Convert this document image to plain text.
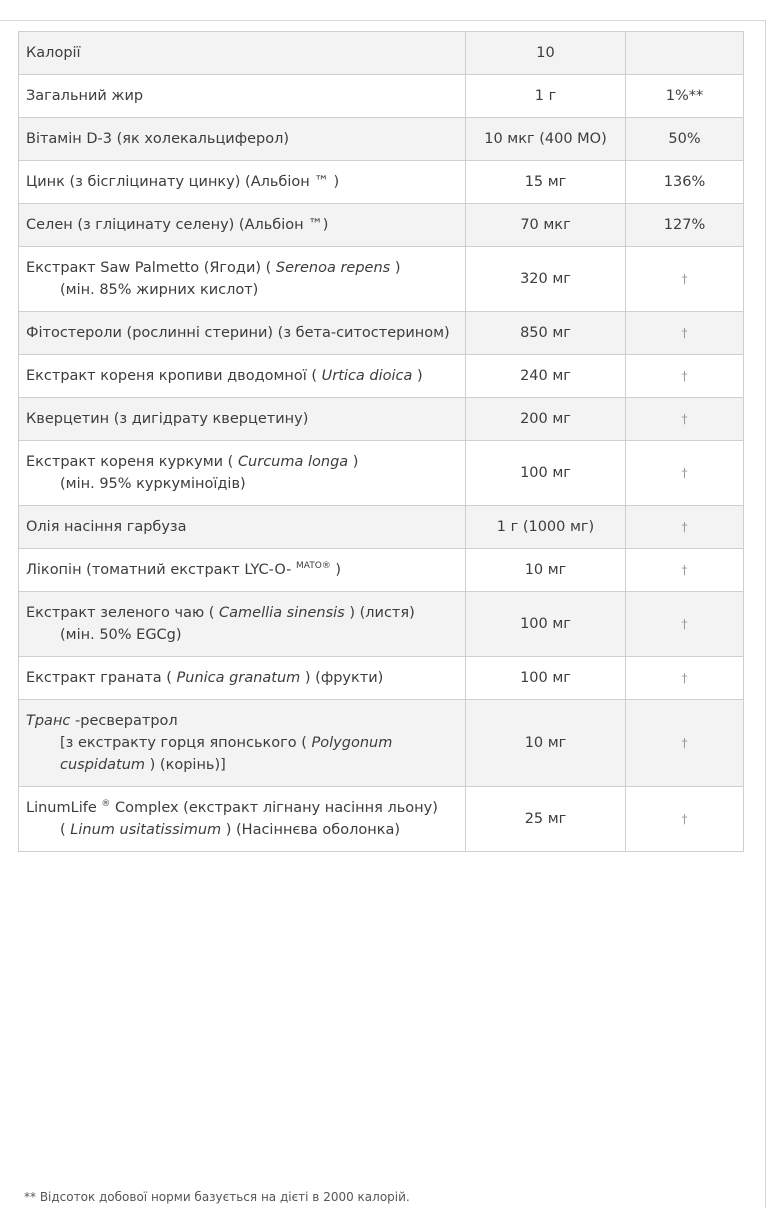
Калорії	10	
Загальний жир	1 г	1%**
Вітамін D-3 (як холекальциферол)	10 мкг (400 МО)	50%
Цинк (з бісгліцинату цинку) (Альбіон ™ )	15 мг	136%
Селен (з гліцинату селену) (Альбіон ™)	70 мкг	127%
Екстракт Saw Palmetto (Ягоди) ( Serenoa repens )
(мін. 85% жирних кислот)	320 мг	†
Фітостероли (рослинні стерини) (з бета-ситостерином)	850 мг	†
Екстракт кореня кропиви дводомної ( Urtica dioica )	240 мг	†
Кверцетин (з дигідрату кверцетину)	200 мг	†
Екстракт кореня куркуми ( Curcuma longa )
(мін. 95% куркуміноїдів)	100 мг	†
Олія насіння гарбуза	1 г (1000 мг)	†
Лікопін (томатний екстракт LYC-O- $^{MATO®}$ )	10 мг	†
Екстракт зеленого чаю ( Camellia sinensis ) (листя)
(мін. 50% EGCg)	100 мг	†
Екстракт граната ( Punica granatum ) (фрукти)	100 мг	†
Транс -ресвератрол
[з екстракту горця японського ( Polygonum
cuspidatum ) (корінь)]	10 мг	†
LinumLife ® Complex (екстракт лігнану насіння льону)
( Linum usitatissimum ) (Насіннєва оболонка)	25 мг	†
** Відсоток добової норми базується на дієті в 2000 калорій.
